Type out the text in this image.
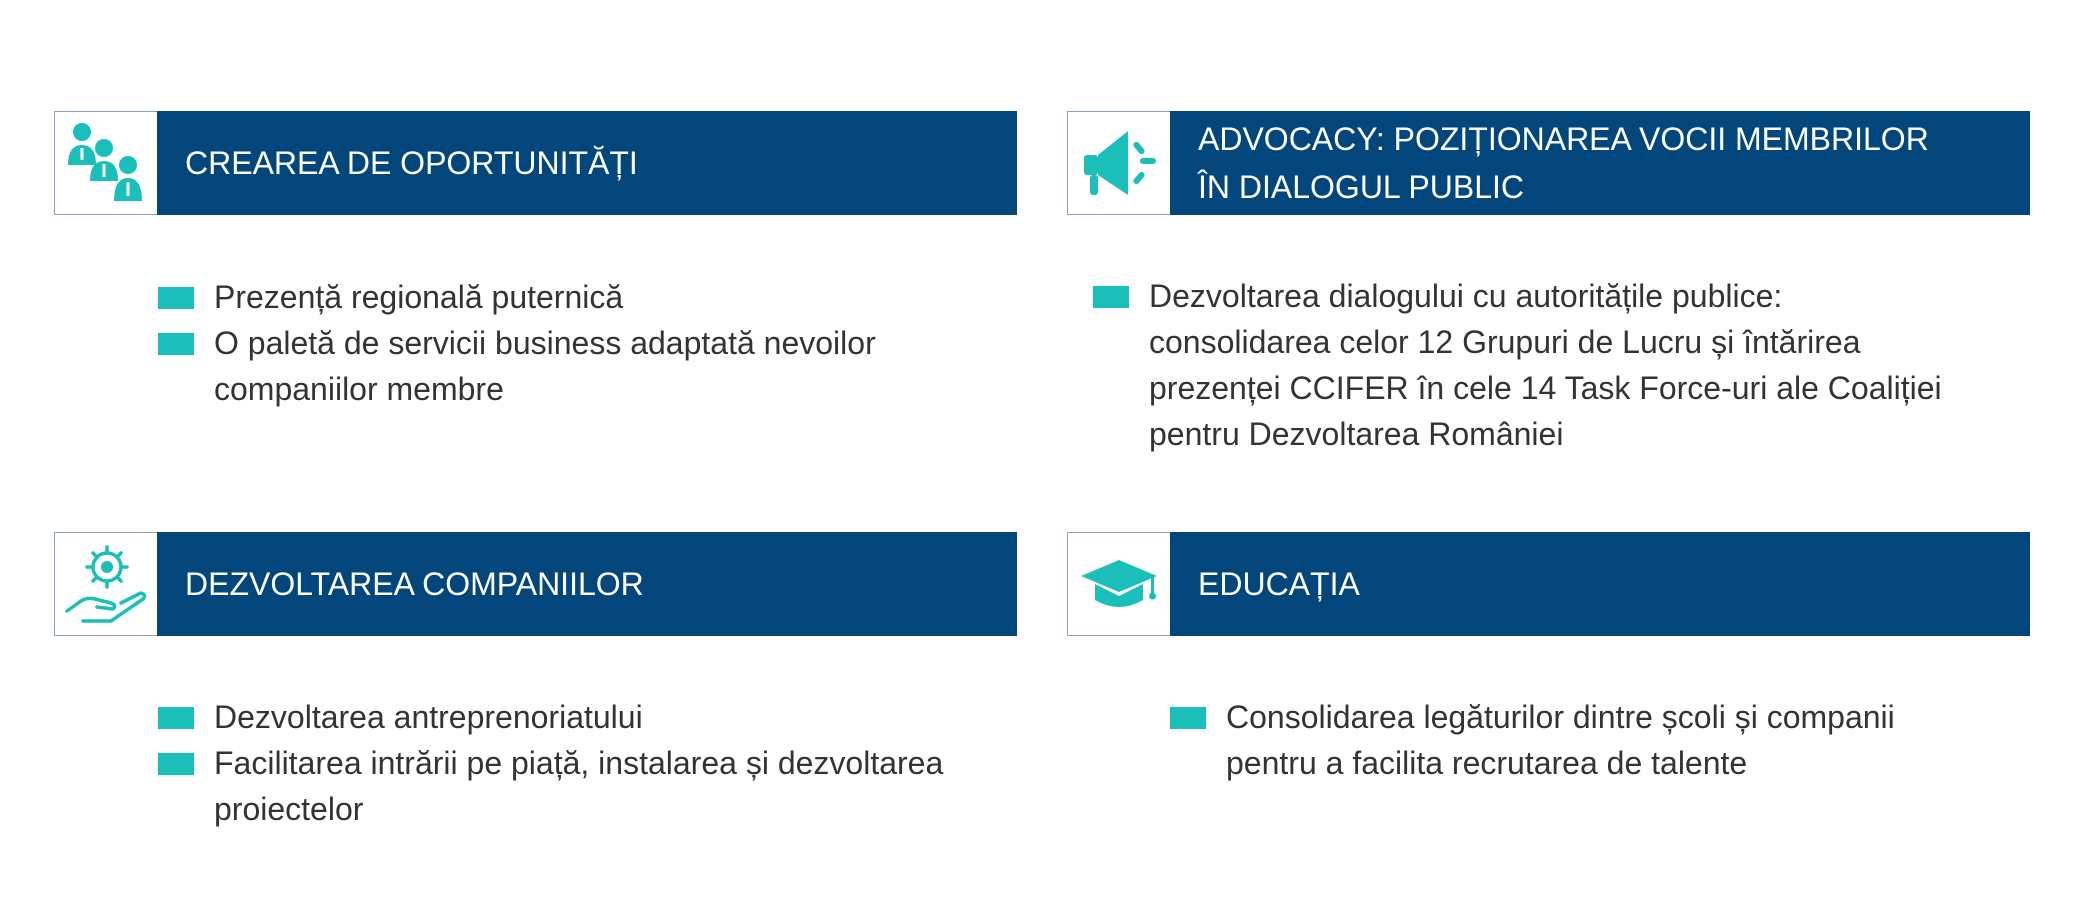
CREAREA DE OPORTUNITĂȚI
Prezență regională puternică
O paletă de servicii business adaptată nevoilor companiilor membre
ADVOCACY: POZIȚIONAREA VOCII MEMBRILOR ÎN DIALOGUL PUBLIC
Dezvoltarea dialogului cu autoritățile publice: consolidarea celor 12 Grupuri de Lucru și întărirea prezenței CCIFER în cele 14 Task Force-uri ale Coaliției pentru Dezvoltarea României
DEZVOLTAREA COMPANIILOR
Dezvoltarea antreprenoriatului
Facilitarea intrării pe piață, instalarea și dezvoltarea proiectelor
EDUCAȚIA
Consolidarea legăturilor dintre școli și companii pentru a facilita recrutarea de talente
